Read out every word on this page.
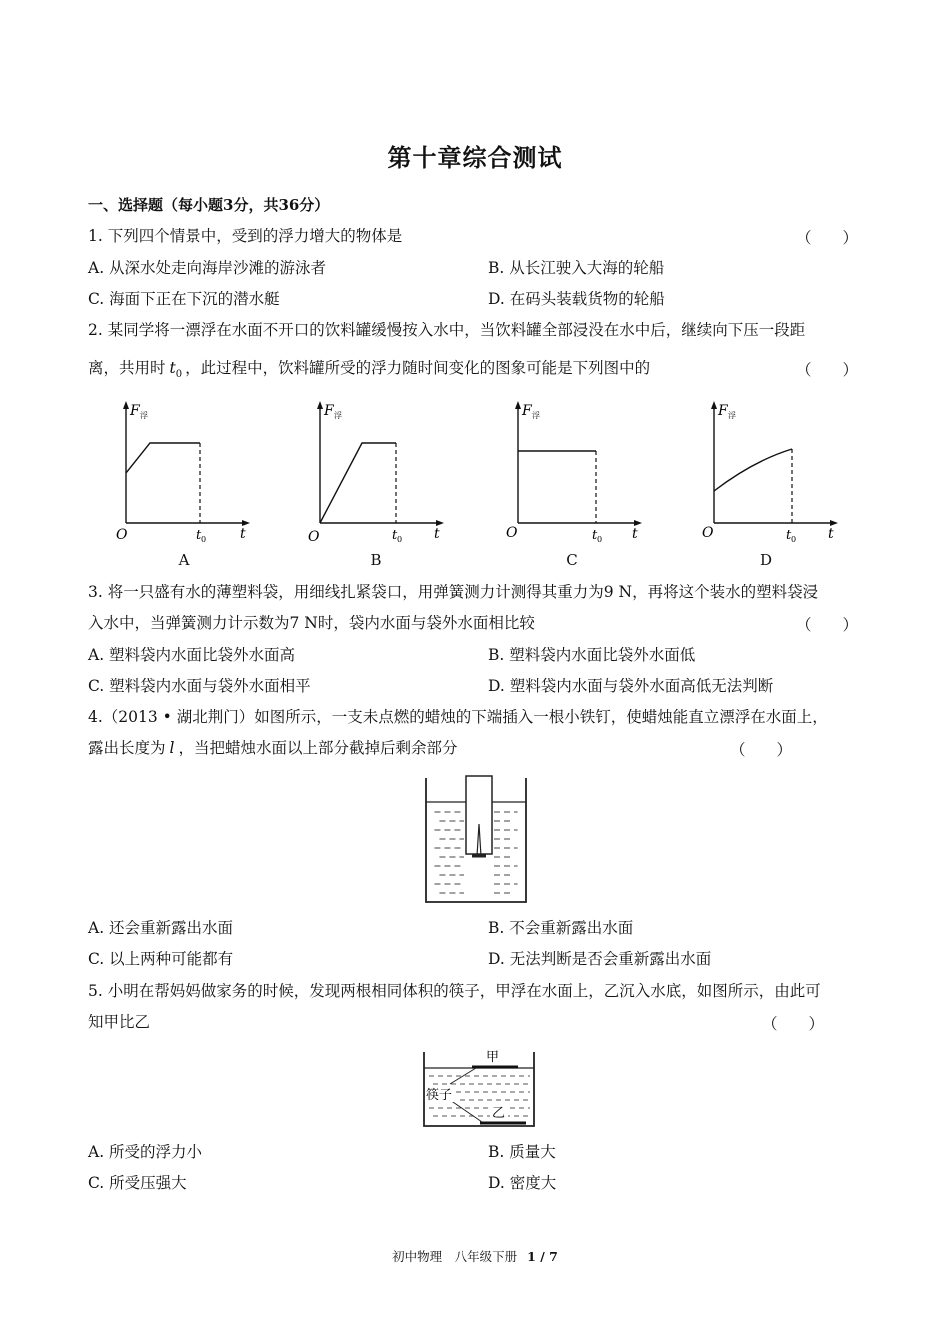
第十章综合测试
一、选择题（每小题3分，共36分）
1. 下列四个情景中，受到的浮力增大的物体是	（　　）
A. 从深水处走向海岸沙滩的游泳者	B. 从长江驶入大海的轮船
C. 海面下正在下沉的潜水艇	D. 在码头装载货物的轮船
2. 某同学将一漂浮在水面不开口的饮料罐缓慢按入水中，当饮料罐全部浸没在水中后，继续向下压一段距
离，共用时 $t_0$ ，此过程中，饮料罐所受的浮力随时间变化的图象可能是下列图中的	（　　）
F 浮
t
O	t 0
A
F 浮
t
O	t 0
B
F 浮
t
O	t 0
C
F 浮
t
O	t 0
D
3. 将一只盛有水的薄塑料袋，用细线扎紧袋口，用弹簧测力计测得其重力为9 N，再将这个装水的塑料袋浸
入水中，当弹簧测力计示数为7 N时，袋内水面与袋外水面相比较	（　　）
A. 塑料袋内水面比袋外水面高	B. 塑料袋内水面比袋外水面低
C. 塑料袋内水面与袋外水面相平	D. 塑料袋内水面与袋外水面高低无法判断
4.（2013 • 湖北荆门）如图所示，一支未点燃的蜡烛的下端插入一根小铁钉，使蜡烛能直立漂浮在水面上，
露出长度为 l ，当把蜡烛水面以上部分截掉后剩余部分	（　　）
A. 还会重新露出水面	B. 不会重新露出水面
C. 以上两种可能都有	D. 无法判断是否会重新露出水面
5. 小明在帮妈妈做家务的时候，发现两根相同体积的筷子，甲浮在水面上，乙沉入水底，如图所示，由此可
知甲比乙	（　　）
甲
筷子
乙
A. 所受的浮力小	B. 质量大
C. 所受压强大	D. 密度大
初中物理　八年级下册 1 / 7
